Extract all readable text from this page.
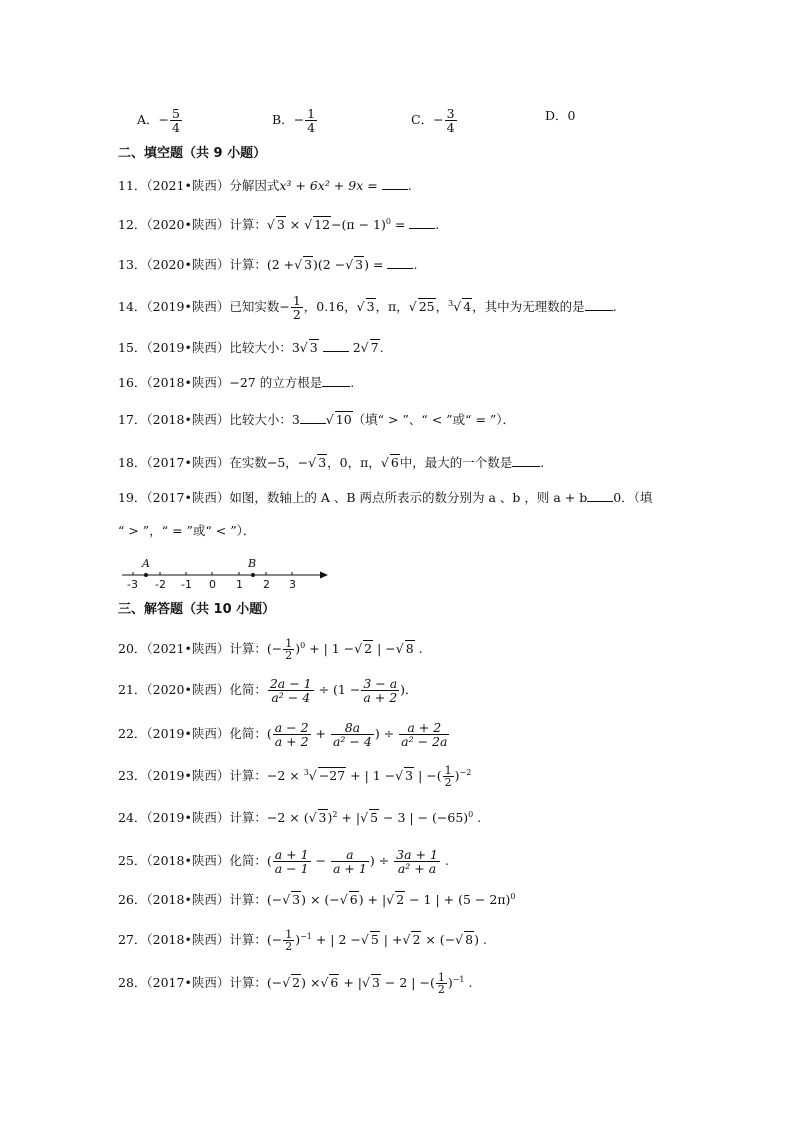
A．− $\frac{5}{4}$	B．− $\frac{1}{4}$	C．− $\frac{3}{4}$	D．0
二、填空题（共 9 小题）
11．（2021•陕西）分解因式x³ + 6x² + 9x = .
12．（2020•陕西）计算：√ 3 × √ $12-(\pi - 1)^0$ = .
13．（2020•陕西）计算：(2 +√ 3)(2 −√ 3) = .
14．（2019•陕西）已知实数− $\frac{1}{2}$ ，0.16，√ 3，π，√ 25，$^3$√ 4，其中为无理数的是 .
15．（2019•陕西）比较大小：3√ 3	2√ 7.
16．（2018•陕西）−27 的立方根是 .
17．（2018•陕西）比较大小：3 √ 10（填“ > ”、“ < ”或“ = ”）．
18．（2017•陕西）在实数−5，−√ 3，0，π，√ 6中，最大的一个数是 .
19．（2017•陕西）如图，数轴上的 A 、B 两点所表示的数分别为 a 、b ，则 a + b 0．（填
“ > ”，“ = ”或“ < ”）．
A	B
-3 -2 -1 0 1 2 3
三、解答题（共 10 小题）
20．（2021•陕西）计算：(− $\frac{1}{2} )^0$ + | 1 −√ 2 | −√ 8 .
21．（2020•陕西）化简： $\frac{2a - 1}{\text{a² − 4}} \div (1 - \frac{3 - a}{a + 2}$ )．
22．（2019•陕西）化简：( $\frac{a - 2}{a + 2} + \frac{8a}{\text{a² − 4}}$ ) ÷ $\frac{a + 2}{\text{a² − 2a}}$
23．（2019•陕西）计算：−2 × $^3$√ −27 + | 1 −√ 3 | −( $\frac{1}{2} )^{-2}$
24．（2019•陕西）计算：−2 × (√ 3)$^2$ + |√ 5 − 3 | − $(-65)^0$ .
25．（2018•陕西）化简：( $\frac{a + 1}{a - 1} - \frac{a}{a + 1}$ ) ÷ $\frac{3a + 1}{\text{a² + a}}$ .
26．（2018•陕西）计算：(−√ 3) × (−√ 6) + |√ 2 − 1 | + $(5 - 2\pi)^0$
27．（2018•陕西）计算：(− $\frac{1}{2} )^{-1}$ + | 2 −√ 5 | +√ 2 × (−√ 8) .
28．（2017•陕西）计算：(−√ 2) ×√ 6 + |√ 3 − 2 | −( $\frac{1}{2} )^{-1}$ .
